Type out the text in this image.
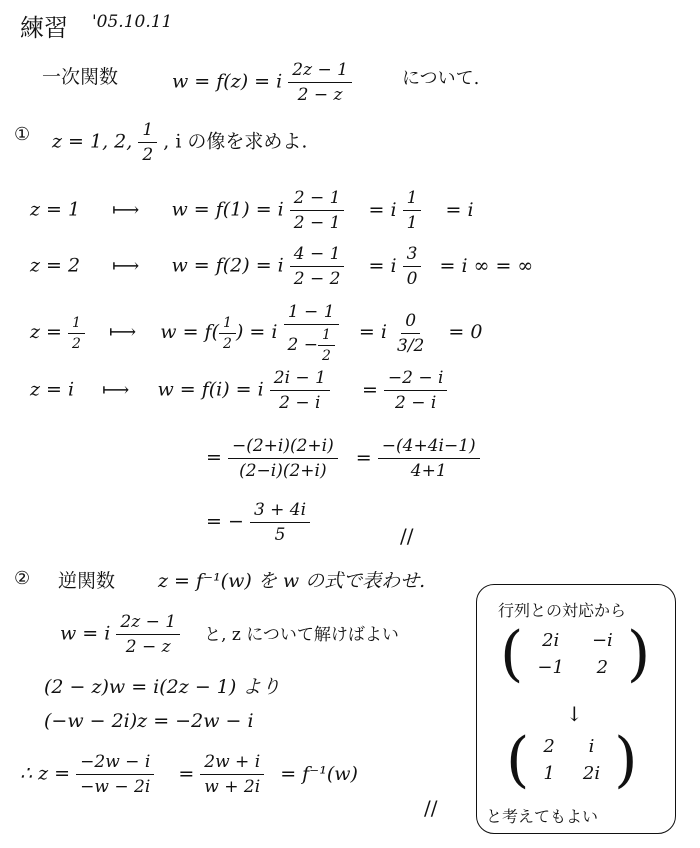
練習 '05.10.11
一次関数	w = f(z) = i $\frac{2z - 1}{2 - z}$	について.
① z = 1, 2, $\frac{1}{2}$ , i の像を求めよ.
z = 1 ⟼ w = f(1) = i $\frac{2 - 1}{2 - 1} = i \frac{1}{1} = i$
z = 2 ⟼ w = f(2) = i $\frac{4 - 1}{2 - 2} = i \frac{3}{0} = i$ ∞ = ∞
$z = \frac{1}{2}$ ⟼ $w = f( \frac{1}{2}$ ) = i $\frac{1 - 1}{2 - \frac{1}{2}} = i \frac{0}{3/2} = 0$
z = i ⟼ w = f(i) = i $\frac{2i - 1}{2 - i} = \frac{-2 - i}{2 - i}$
= $\frac{-(2+i)(2+i)}{(2-i)(2+i)} = \frac{-(4+4i-1)}{4+1}$
= − $\frac{3 + 4i}{5}$	//
② 逆関数 z = f⁻¹(w) を w の式で表わせ.
w = i $\frac{2z - 1}{2 - z}$ と, z について解けばよい
(2 − z)w = i(2z − 1) より
(−w − 2i)z = −2w − i
∴ $z = \frac{-2w - i}{-w - 2i} = \frac{2w + i}{w + 2i} = f^{-1}(w)$
//
行列との対応から
( 2i	−i
−1	2 )
↓
( 2	i
1	2i )
と考えてもよい
